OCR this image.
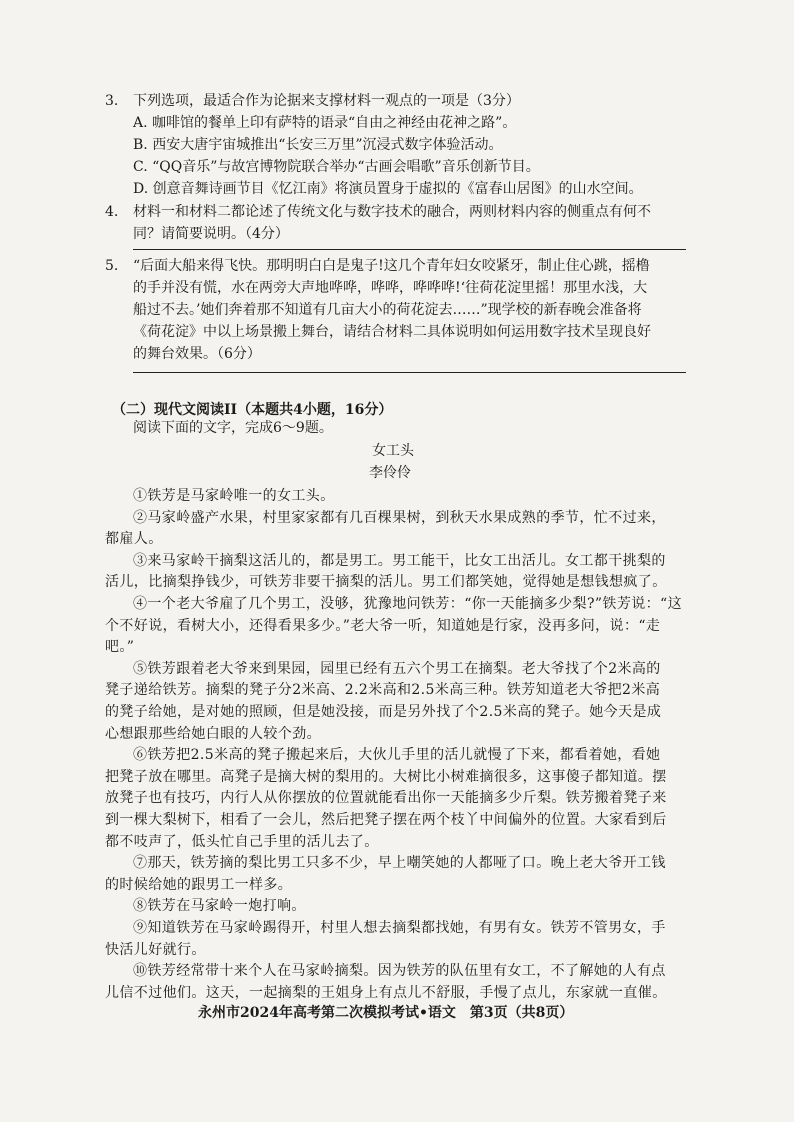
3. 下列选项，最适合作为论据来支撑材料一观点的一项是（3分）
A. 咖啡馆的餐单上印有萨特的语录“自由之神经由花神之路”。
B. 西安大唐宇宙城推出“长安三万里”沉浸式数字体验活动。
C. “QQ音乐”与故宫博物院联合举办“古画会唱歌”音乐创新节目。
D. 创意音舞诗画节目《忆江南》将演员置身于虚拟的《富春山居图》的山水空间。
4. 材料一和材料二都论述了传统文化与数字技术的融合，两则材料内容的侧重点有何不
同？请简要说明。（4分）
5. “后面大船来得飞快。那明明白白是鬼子!这几个青年妇女咬紧牙，制止住心跳，摇橹
的手并没有慌，水在两旁大声地哗哗，哗哗，哗哗哗!‘往荷花淀里摇！那里水浅，大
船过不去。’她们奔着那不知道有几亩大小的荷花淀去……”现学校的新春晚会准备将
《荷花淀》中以上场景搬上舞台，请结合材料二具体说明如何运用数字技术呈现良好
的舞台效果。（6分）
（二）现代文阅读II（本题共4小题，16分）
阅读下面的文字，完成6～9题。
女工头
李伶伶
①铁芳是马家岭唯一的女工头。
②马家岭盛产水果，村里家家都有几百棵果树，到秋天水果成熟的季节，忙不过来，
都雇人。
③来马家岭干摘梨这活儿的，都是男工。男工能干，比女工出活儿。女工都干挑梨的
活儿，比摘梨挣钱少，可铁芳非要干摘梨的活儿。男工们都笑她，觉得她是想钱想疯了。
④一个老大爷雇了几个男工，没够，犹豫地问铁芳：“你一天能摘多少梨?”铁芳说：“这
个不好说，看树大小，还得看果多少。”老大爷一听，知道她是行家，没再多问，说：“走
吧。”
⑤铁芳跟着老大爷来到果园，园里已经有五六个男工在摘梨。老大爷找了个2米高的
凳子递给铁芳。摘梨的凳子分2米高、2.2米高和2.5米高三种。铁芳知道老大爷把2米高
的凳子给她，是对她的照顾，但是她没接，而是另外找了个2.5米高的凳子。她今天是成
心想跟那些给她白眼的人较个劲。
⑥铁芳把2.5米高的凳子搬起来后，大伙儿手里的活儿就慢了下来，都看着她，看她
把凳子放在哪里。高凳子是摘大树的梨用的。大树比小树难摘很多，这事傻子都知道。摆
放凳子也有技巧，内行人从你摆放的位置就能看出你一天能摘多少斤梨。铁芳搬着凳子来
到一棵大梨树下，相看了一会儿，然后把凳子摆在两个枝丫中间偏外的位置。大家看到后
都不吱声了，低头忙自己手里的活儿去了。
⑦那天，铁芳摘的梨比男工只多不少，早上嘲笑她的人都哑了口。晚上老大爷开工钱
的时候给她的跟男工一样多。
⑧铁芳在马家岭一炮打响。
⑨知道铁芳在马家岭踢得开，村里人想去摘梨都找她，有男有女。铁芳不管男女，手
快活儿好就行。
⑩铁芳经常带十来个人在马家岭摘梨。因为铁芳的队伍里有女工，不了解她的人有点
儿信不过他们。这天，一起摘梨的王姐身上有点儿不舒服，手慢了点儿，东家就一直催。
永州市2024年高考第二次模拟考试•语文　第3页（共8页）
